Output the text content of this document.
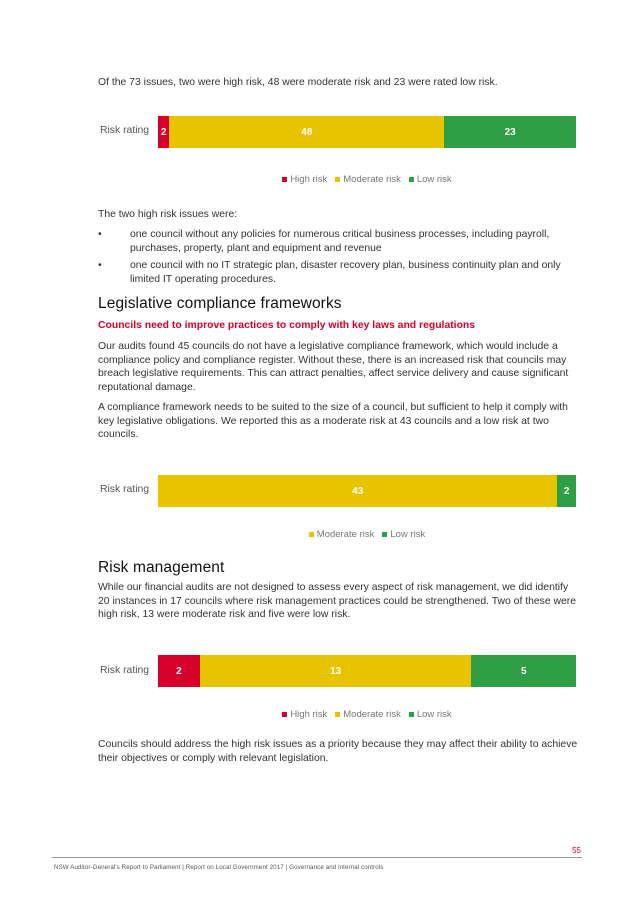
Of the 73 issues, two were high risk, 48 were moderate risk and 23 were rated low risk.

Risk rating	2	48	23
High risk Moderate risk Low risk

The two high risk issues were:

•	one council without any policies for numerous critical business processes, including payroll, purchases, property, plant and equipment and revenue
•	one council with no IT strategic plan, disaster recovery plan, business continuity plan and only limited IT operating procedures.
Legislative compliance frameworks
Councils need to improve practices to comply with key laws and regulations

Our audits found 45 councils do not have a legislative compliance framework, which would include a compliance policy and compliance register. Without these, there is an increased risk that councils may breach legislative requirements. This can attract penalties, affect service delivery and cause significant reputational damage.

A compliance framework needs to be suited to the size of a council, but sufficient to help it comply with key legislative obligations. We reported this as a moderate risk at 43 councils and a low risk at two councils.

Risk rating	43	2
Moderate risk Low risk
Risk management

While our financial audits are not designed to assess every aspect of risk management, we did identify 20 instances in 17 councils where risk management practices could be strengthened. Two of these were high risk, 13 were moderate risk and five were low risk.

Risk rating	2	13	5
High risk Moderate risk Low risk

Councils should address the high risk issues as a priority because they may affect their ability to achieve their objectives or comply with relevant legislation.

55
NSW Auditor-General's Report to Parliament | Report on Local Government 2017 | Governance and internal controls
